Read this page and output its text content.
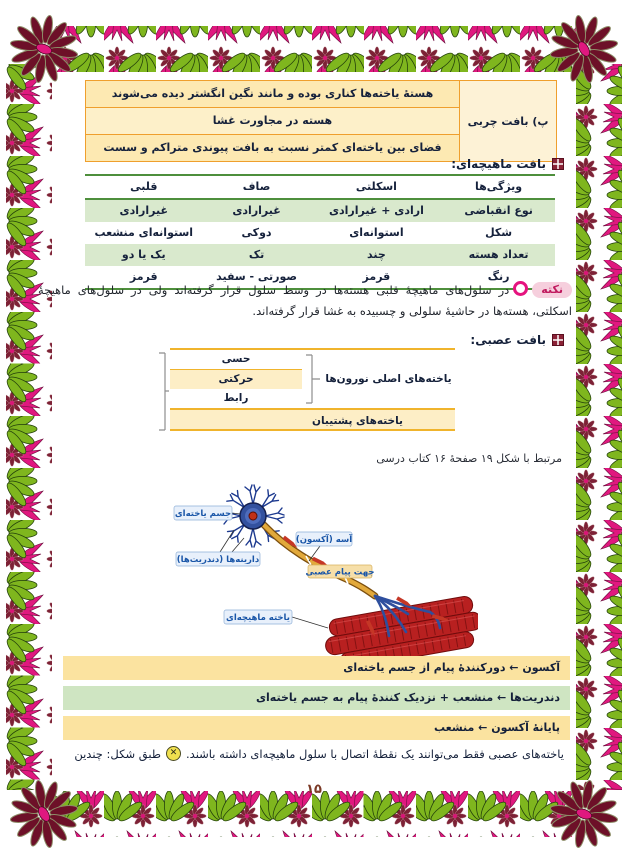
پ) بافت چربی
هستهٔ یاخته‌ها کناری بوده و مانند نگین انگشتر دیده می‌شوند
هسته در مجاورت غشا
فضای بین یاخته‌ای کمتر نسبت به بافت پیوندی متراکم و سست
بافت ماهیچه‌ای:
ویژگی‌ها
اسکلتی
صاف
قلبی
نوع انقباضی
ارادی + غیرارادی
غیرارادی
غیرارادی
شکل
استوانه‌ای
دوکی
استوانه‌ای منشعب
تعداد هسته
چند
تک
یک یا دو
رنگ
قرمز
صورتی - سفید
قرمز
نکتهدر سلول‌های ماهیچهٔ قلبی هسته‌ها در وسط سلول قرار گرفته‌اند ولی در سلول‌های ماهیچهٔ اسکلتی، هسته‌ها در حاشیهٔ سلولی و چسبیده به غشا قرار گرفته‌اند.
بافت عصبی:
یاخته‌های اصلی نورون‌ها
حسی
حرکتی
رابط
یاخته‌های پشتیبان
مرتبط با شکل ۱۹ صفحهٔ ۱۶ کتاب درسی
جسم یاخته‌ای
دارینه‌ها (دندریت‌ها)
آسه (آکسون)
جهت پیام عصبی
یاخته ماهیچه‌ای
آکسون ← دورکنندهٔ پیام از جسم یاخته‌ای
دندریت‌ها ← منشعب + نزدیک کنندهٔ پیام به جسم یاخته‌ای
پایانهٔ آکسون ← منشعب
یاخته‌های عصبی فقط می‌توانند یک نقطهٔ اتصال با سلول ماهیچه‌ای داشته باشند.
✕
طبق شکل: چندین
۱۵
